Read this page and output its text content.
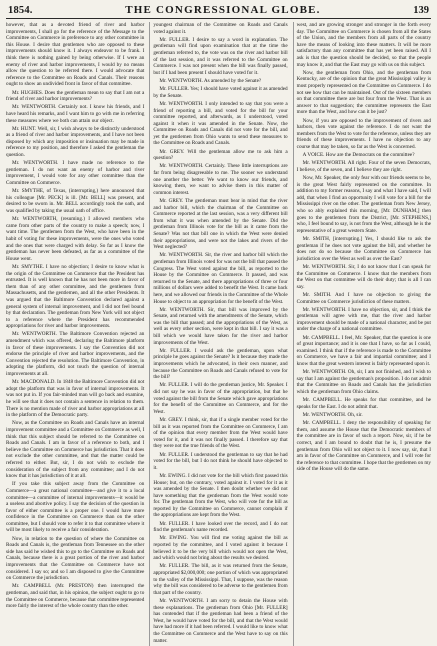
1854.	THE CONGRESSIONAL GLOBE.	139

however, that as a devoted friend of river and harbor improvements, I shall go for the reference of the Message to the Committee on Commerce in preference to any other committee in this House. I desire that gentlemen who are opposed to these improvements should know it. I always endeavor to be frank. I think there is nothing gained by being otherwise. If I were an enemy of river and harbor improvements, I would by no means allow the question to be referred there. I would advocate that reference to the Committee on Roads and Canals. Their reasons ought to show an undivided front in favor of that committee.

Mr. HUGHES. Does the gentleman mean to say that I am not a friend of river and harbor improvements?

Mr. WENTWORTH. Certainly not. I know his friends, and I have heard his remarks, and I want him to go with me in referring these measures where we both can attain our object.

Mr. HUNT. Well, sir, I wish always to be distinctly understood as a friend of river and harbor improvements, and I have not been disposed by which any imposition or insinuation may be made in reference to my position, and therefore I asked the gentleman the question.

Mr. WENTWORTH. I have made no reference to the gentleman. I do not want an enemy of harbor and river improvement, I would vote for any other committee than the Committee on Commerce.

Mr. SMYTHE, of Texas, (interrupting,) here announced that his colleague [Mr. PECK] is ill. [Mr. BELL] was present, and desired to be sworn in. Mr. BELL accordingly took the oath, and was qualified by taking the usual oath of office.

Mr. WENTWORTH, (resuming.) I allowed members who came from other parts of the country to make a speech; now, I want time. The gentlemen from the West, who have been in the habit of voting for these improvements, were the ones who voted and the ones that were charged with delay. So far as I know the gentleman has never been defeated, as far as a committee of the House went.

Mr. SMYTHE. I have no objection; I desire to know what is the origin of the Committee on Commerce that the President has entrusted. It is well known that he has not been more in favor of them than of any other committee, and the gentlemen from Massachusetts, and the gentlemen, and all the other Presidents. It was argued that the Baltimore Convention declared against a general system of internal improvement, and I did not feel bound by that declaration. The gentleman from New York will not object to a reference where the President has recommended appropriations for river and harbor improvements.

Mr. WENTWORTH. The Baltimore Convention rejected an amendment which was offered, declaring the Baltimore platform in favor of these improvements. I say the Convention did not endorse the principle of river and harbor improvements, and the Convention rejected the resolution. The Baltimore Convention, in adopting the platform, did not touch the question of internal improvements at all.

Mr. MACDONALD. In 1848 the Baltimore Convention did not adopt the platform that was in favor of internal improvements. It was not put in. If you fair-minded man will go back and examine, he will see that it does not contain a sentence in relation to them. There is no mention made of river and harbor appropriations at all in the platform of the Democratic party.

Now, as the Committee on Roads and Canals have an internal improvement committee and a Committee on Commerce as well, I think that this subject should be referred to the Committee on Roads and Canals. I am in favor of a reference to both, and I believe the Committee on Commerce has jurisdiction. That it does not exclude the other committee, and that the matter could be referred to either. But, sir, I do not wish to exclude the consideration of the subject from any committee; and I do not know that it has jurisdiction of it at all.

If you take this subject away from the Committee on Commerce—a great national committee—and give it to a local committee—a committee of internal improvements—it would be a useless and abortive policy. I say the decision of the question in favor of either committee is a proper one. I would have more confidence in the Committee on Commerce than on the other committee, but I should vote to refer it to that committee where it will be most likely to receive a fair consideration.

Now, in relation to the question of where the Committee on Roads and Canals is, the gentleman from Tennessee on the other side has said he wished this to go to the Committee on Roads and Canals, because there is a great portion of the river and harbor improvements that the Committee on Commerce have not considered. I say so; and so I am disposed to give the Committee on Commerce the jurisdiction.

Mr. CAMPBELL (Mr. PRESTON) then interrupted the gentleman, and said that, in his opinion, the subject ought to go to the Committee on Commerce, because that committee represented more fairly the interest of the whole country than the other.

youngest chairman of the Committee on Roads and Canals voted against it.

Mr. FULLER. I desire to say a word in explanation. The gentleman will find upon examination that at the time the gentleman referred to, the vote was on the river and harbor bill of the last session, and it was referred to the Committee on Commerce. I was not present when the bill was finally passed, but if I had been present I should have voted for it.

Mr. WENTWORTH. As amended by the Senate?

Mr. FULLER. Yes; I should have voted against it as amended by the Senate.

Mr. WENTWORTH. I only intended to say that you were a friend of reporting a bill, and voted for the bill for your committee reported, and afterwards, as I understood, voted against it when it was amended in the Senate. Now, the Committee on Roads and Canals did not vote for the bill, and yet the gentlemen from Ohio wants to send these measures to the Committee on Roads and Canals.

Mr. GREY. Will the gentleman allow me to ask him a question?

Mr. WENTWORTH. Certainly. These little interruptions are far from being disagreeable to me. The sooner we understand one another the better. We want to know our friends, and knowing them, we want to advise them in this matter of common interest.

Mr. GREY. The gentleman must bear in mind that the river and harbor bill, which the chairman of the Committee on Commerce reported at the last session, was a very different bill from what it was when amended by the Senate. Did the gentleman from Illinois vote for the bill as it came from the Senate? Was not that bill one in which the West were denied their appropriations, and were not the lakes and rivers of the West neglected?

Mr. WENTWORTH. Sir, the river and harbor bill which the gentleman from Illinois voted for was not the bill that passed the Congress. The West voted against the bill, as reported to the House by the Committee on Commerce. It passed, and was returned to the Senate, and there appropriations of three or four millions of dollars were added to benefit the West. It came back here, and we allowed our friends in the Committee of the Whole House to object to an appropriation for the benefit of the West.

Mr. WENTWORTH. Sir, that bill was improved by the Senate, and returned with the amendments of the Senate, which was the bill that passed; and the appropriations of the West, as well as every other section, were kept in that bill. I say it was a bill which we would have taken for the river and harbor improvements of the West.

Mr. FULLER. I would ask the gentleman, upon what principle he goes against the Senate? Is it because they made the improvements which he advocated, in their own manner, and because the Committee on Roads and Canals refused to vote for the bill?

Mr. FULLER. I will do the gentleman justice, Mr. Speaker. I did not say he was in favor of the appropriation, but that he voted against the bill from the Senate which gave appropriations for the benefit of the Committee on Commerce, and for the West.

Mr. GREY. I think, sir, that if a single member voted for the bill as it was reported from the Committee on Commerce, I am of the opinion that every member from the West would have voted for it, and it was not finally passed. I therefore say that they were not the true friends of the West.

Mr. FULLER. I understood the gentleman to say that he had voted for the bill, but I do not think he should have objected to it.

Mr. EWING. I did not vote for the bill which first passed this House; but, on the contrary, voted against it. I voted for it as it was amended by the Senate. I then doubt whether we did not have something that the gentleman from the West would vote for. The gentleman from the West, who will vote for the bill as reported by the Committee on Commerce, cannot complain if the appropriations are kept from the West.

Mr. FULLER. I have looked over the record, and I do not find the gentleman's name recorded.

Mr. EWING. You will find me voting against the bill as reported by the committee, and I voted against it because I believed it to be the very bill which would not open the West, and which would not bring about the results we desired.

Mr. FULLER. The bill, as it was returned from the Senate, appropriated $2,000,000; one portion of which was appropriated to the valley of the Mississippi. That, I suppose, was the reason why the bill was considered to be adverse to the gentlemen from that part of the country.

Mr. WENTWORTH. I am sorry to detain the House with these explanations. The gentleman from Ohio [Mr. FULLER] has contended that if the gentleman had been a friend of the West, he would have voted for the bill, and that the West would have had more if it had been referred. I would like to know what the Committee on Commerce and the West have to say on this matter.

west, and are growing stronger and stronger in the forth every day. The Committee on Commerce is chosen from all the States of the Union, and the members from all parts of the country have the means of looking into these matters. It will be more satisfactory than any committee that has yet been raised. All I ask is that the question should be decided, so that the people may know it, and that the East may go with us on this subject.

Now, the gentleman from Ohio, and the gentleman from Kentucky, are of the opinion that the great Mississippi valley is most properly represented on the Committee on Commerce. I do not see how that can be maintained. Out of the sixteen members on that committee there are but four from the West. That is an answer to that suggestion; the committee represents the East more than the West, and how can it be just?

Now, if you are opposed to the improvement of rivers and harbors, then vote against the reference. I do not want the members from the West to vote for the reference, unless they are friends of these improvements. I have no objection to any course that may be taken, so far as the West is concerned.

A VOICE. How are the Democrats on the committee?

Mr. WENTWORTH. All right. Four of the seven Democrats, I believe, of the seven, and I believe they are right.

Now, Mr. Speaker, the only fear with our friends seems to be, is the great West fairly represented on the committee. In addition to my former reasons, I say and what I have said, I will add, that when I find an opportunity I will vote for a bill for the Mississippi river on the other. The gentleman from New Jersey, who so ably explained this morning, [Mr. DUNHAM,] then goes to the gentlemen from the District, [Mr. STEPHENS,] who, I feel bound to say, is not from the West, although he is the representative of a great western State.

Mr. SMITH, [interrupting.] Yes, I should like to ask the gentleman if he does not vote against the bill, and whether he does not do so because the Committee on Commerce has jurisdiction over the West as well as over the East?

Mr. WENTWORTH. Sir, I do not know that I can speak for the Committee on Commerce. I know that the members from the West on that committee will do their duty; that is all I can say.

Mr. SMITH. And I have no objection to giving the Committee on Commerce jurisdiction of these matters.

Mr. WENTWORTH. I have no objection, sir, and I think the gentleman will agree with me, that the river and harbor improvement should be made of a national character, and be put under the charge of a national committee.

Mr. CAMPBELL. I feel, Mr. Speaker, that the question is one of great importance; and it is one that I have, so far as I could, examined. I think that if the reference is made to the Committee on Commerce, we have a fair and impartial committee; and I know that the great western interest is fairly represented upon it.

Mr. WENTWORTH. Oh, sir, I am not finished, and I wish to say that I am against the gentleman's proposition. I do not admit that the Committee on Roads and Canals has the jurisdiction which the gentleman from Ohio claims.

Mr. CAMPBELL. He speaks for that committee, and he speaks for the East. I do not admit that.

Mr. WENTWORTH. Oh, sir.

Mr. CAMPBELL. I deny the responsibility of speaking for them, and assume the House that the Democratic members of the committee are in favor of such a report. Now, sir, if he be correct, and I am bound to doubt that he is, I presume the gentleman from Ohio will not object to it. I now say, sir, that I am in favor of the Committee on Commerce, and I will vote for the reference to that committee. I hope that the gentlemen on my side of the House will do the same.
